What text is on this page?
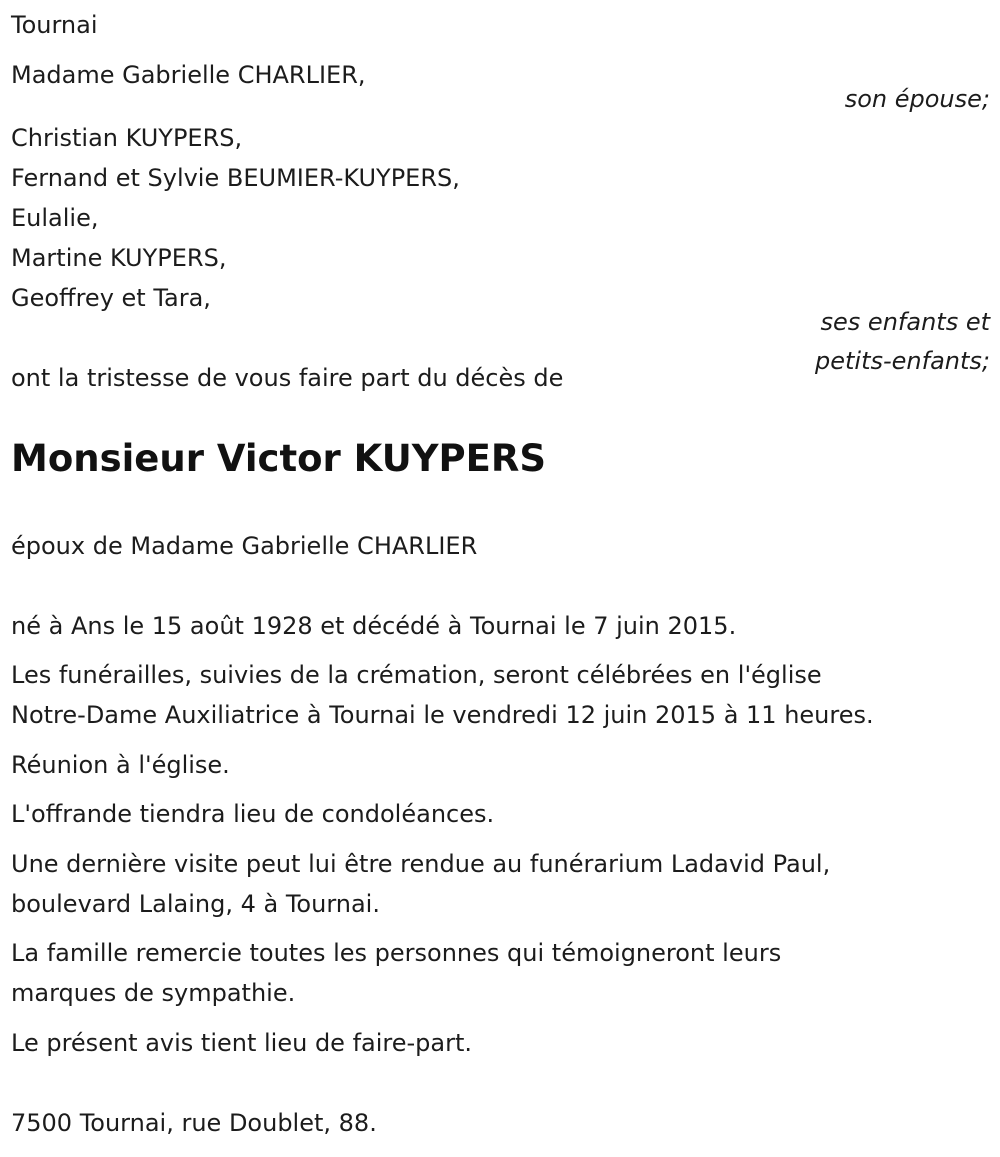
Tournai

Madame Gabrielle CHARLIER,

son épouse;

Christian KUYPERS,

Fernand et Sylvie BEUMIER-KUYPERS,

Eulalie,

Martine KUYPERS,

Geoffrey et Tara,

ses enfants et

petits-enfants;

ont la tristesse de vous faire part du décès de

Monsieur Victor KUYPERS

époux de Madame Gabrielle CHARLIER

né à Ans le 15 août 1928 et décédé à Tournai le 7 juin 2015.

Les funérailles, suivies de la crémation, seront célébrées en l'église

Notre-Dame Auxiliatrice à Tournai le vendredi 12 juin 2015 à 11 heures.

Réunion à l'église.

L'offrande tiendra lieu de condoléances.

Une dernière visite peut lui être rendue au funérarium Ladavid Paul,

boulevard Lalaing, 4 à Tournai.

La famille remercie toutes les personnes qui témoigneront leurs

marques de sympathie.

Le présent avis tient lieu de faire-part.

7500 Tournai, rue Doublet, 88.
